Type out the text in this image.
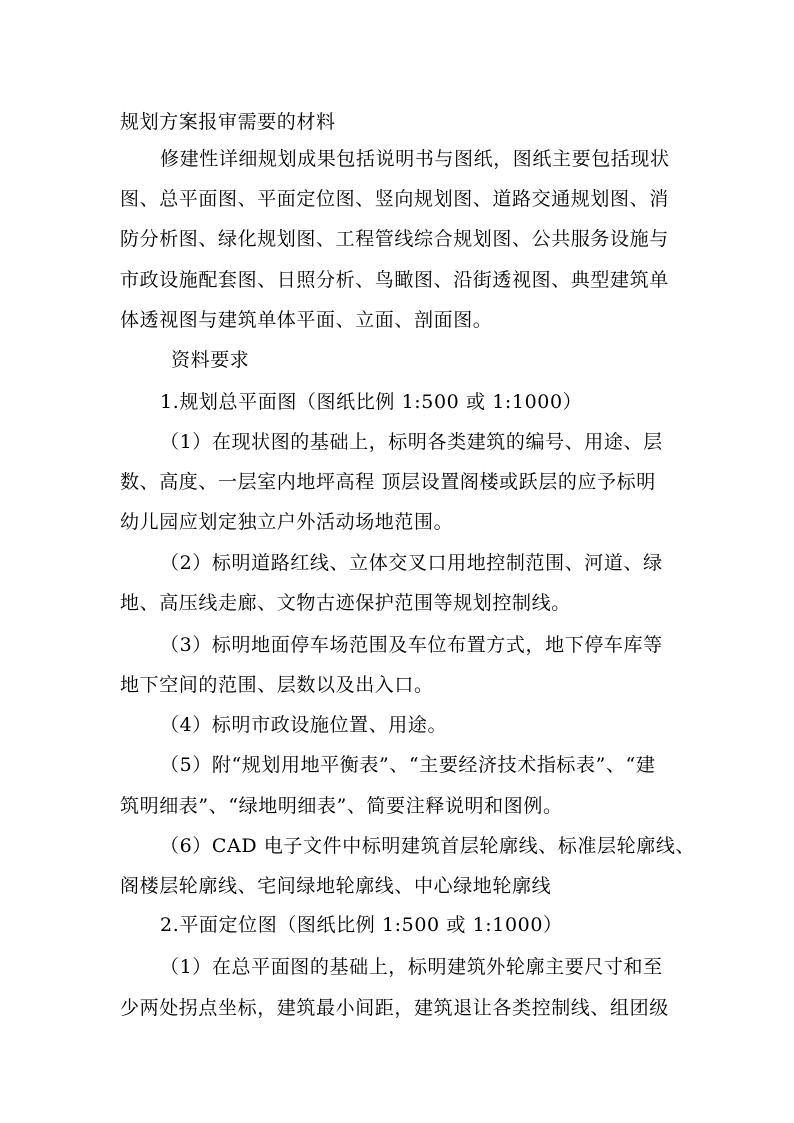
规划方案报审需要的材料
修建性详细规划成果包括说明书与图纸，图纸主要包括现状
图、总平面图、平面定位图、竖向规划图、道路交通规划图、消
防分析图、绿化规划图、工程管线综合规划图、公共服务设施与
市政设施配套图、日照分析、鸟瞰图、沿街透视图、典型建筑单
体透视图与建筑单体平面、立面、剖面图。
资料要求
1.规划总平面图（图纸比例 1:500 或 1:1000）
（1）在现状图的基础上，标明各类建筑的编号、用途、层
数、高度、一层室内地坪高程 顶层设置阁楼或跃层的应予标明
幼儿园应划定独立户外活动场地范围。
（2）标明道路红线、立体交叉口用地控制范围、河道、绿
地、高压线走廊、文物古迹保护范围等规划控制线。
（3）标明地面停车场范围及车位布置方式，地下停车库等
地下空间的范围、层数以及出入口。
（4）标明市政设施位置、用途。
（5）附“规划用地平衡表”、“主要经济技术指标表”、“建
筑明细表”、“绿地明细表”、简要注释说明和图例。
（6）CAD 电子文件中标明建筑首层轮廓线、标准层轮廓线、
阁楼层轮廓线、宅间绿地轮廓线、中心绿地轮廓线
2.平面定位图（图纸比例 1:500 或 1:1000）
（1）在总平面图的基础上，标明建筑外轮廓主要尺寸和至
少两处拐点坐标，建筑最小间距，建筑退让各类控制线、组团级
